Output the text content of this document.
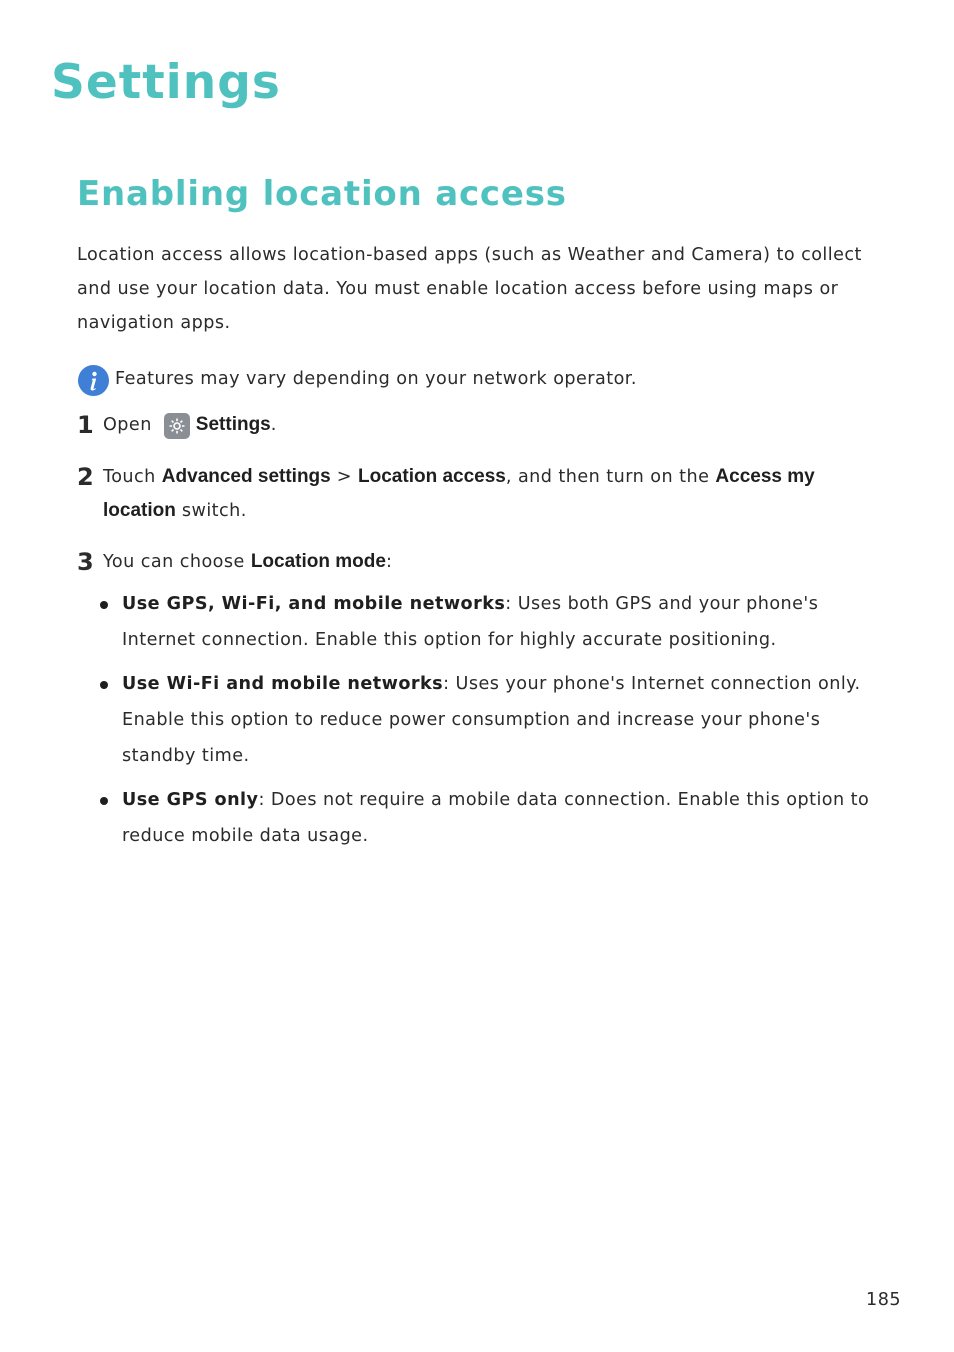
Settings
Enabling location access

Location access allows location-based apps (such as Weather and Camera) to collect and use your location data. You must enable location access before using maps or navigation apps.

Features may vary depending on your network operator.
1 Open Settings.
2 Touch Advanced settings > Location access, and then turn on the Access my location switch.
3 You can choose Location mode:
Use GPS, Wi-Fi, and mobile networks: Uses both GPS and your phone's Internet connection. Enable this option for highly accurate positioning.
Use Wi-Fi and mobile networks: Uses your phone's Internet connection only. Enable this option to reduce power consumption and increase your phone's standby time.
Use GPS only: Does not require a mobile data connection. Enable this option to reduce mobile data usage.
185
